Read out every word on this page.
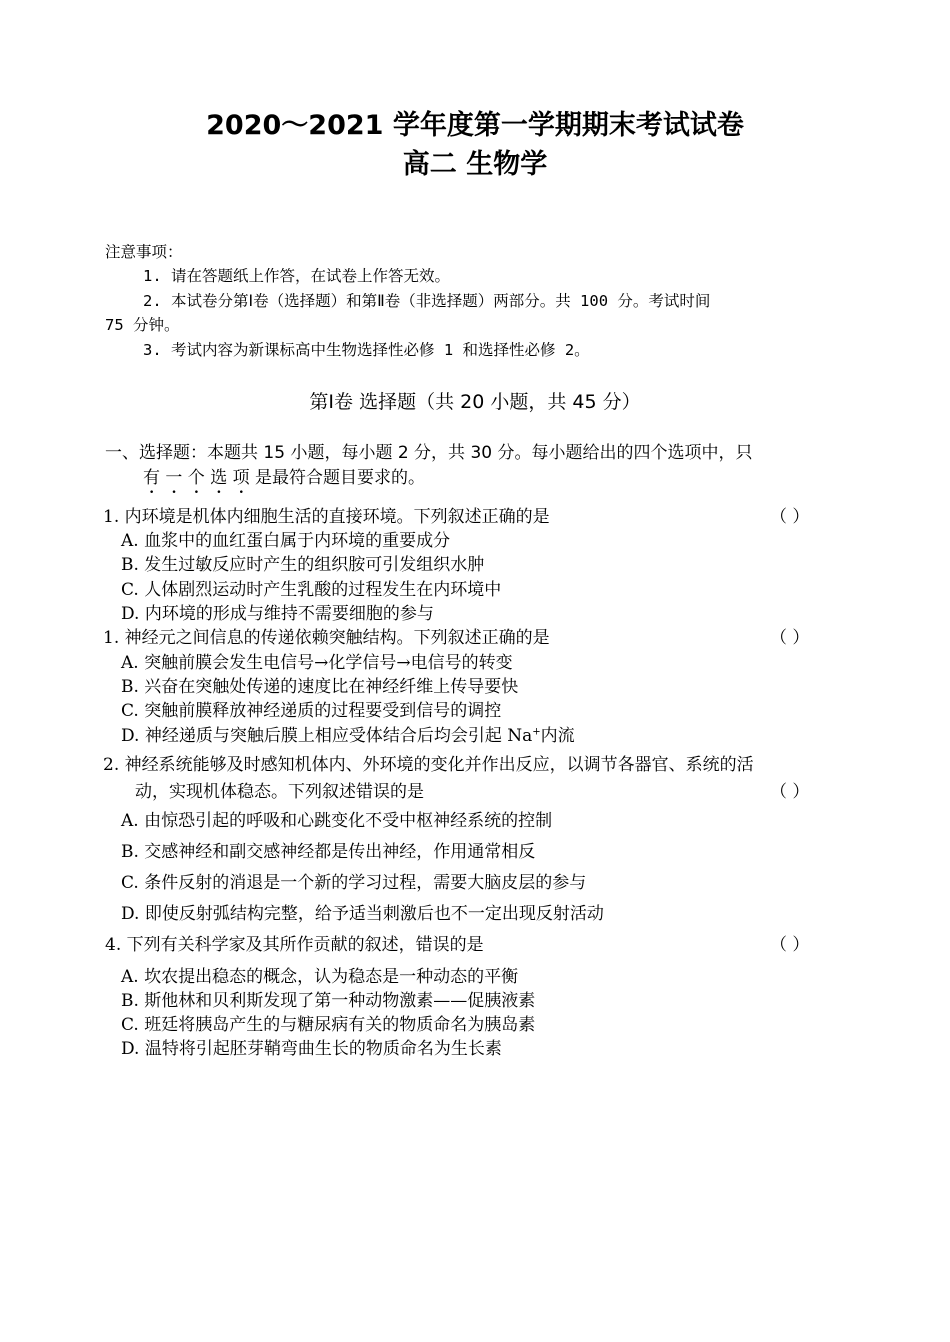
2020～2021 学年度第一学期期末考试试卷
高二 生物学
注意事项：
1. 请在答题纸上作答，在试卷上作答无效。
2. 本试卷分第Ⅰ卷（选择题）和第Ⅱ卷（非选择题）两部分。共 100 分。考试时间
75 分钟。
3. 考试内容为新课标高中生物选择性必修 1 和选择性必修 2。
第Ⅰ卷 选择题（共 20 小题，共 45 分）
一、选择题：本题共 15 小题，每小题 2 分，共 30 分。每小题给出的四个选项中，只
有 一 个 选 项 是最符合题目要求的。
1. 内环境是机体内细胞生活的直接环境。下列叙述正确的是	（ ）
A. 血浆中的血红蛋白属于内环境的重要成分
B. 发生过敏反应时产生的组织胺可引发组织水肿
C. 人体剧烈运动时产生乳酸的过程发生在内环境中
D. 内环境的形成与维持不需要细胞的参与
1. 神经元之间信息的传递依赖突触结构。下列叙述正确的是	（ ）
A. 突触前膜会发生电信号→化学信号→电信号的转变
B. 兴奋在突触处传递的速度比在神经纤维上传导要快
C. 突触前膜释放神经递质的过程要受到信号的调控
D. 神经递质与突触后膜上相应受体结合后均会引起 Na+内流
2. 神经系统能够及时感知机体内、外环境的变化并作出反应，以调节各器官、系统的活
动，实现机体稳态。下列叙述错误的是	（ ）
A. 由惊恐引起的呼吸和心跳变化不受中枢神经系统的控制
B. 交感神经和副交感神经都是传出神经，作用通常相反
C. 条件反射的消退是一个新的学习过程，需要大脑皮层的参与
D. 即使反射弧结构完整，给予适当刺激后也不一定出现反射活动
4. 下列有关科学家及其所作贡献的叙述，错误的是	（ ）
A. 坎农提出稳态的概念，认为稳态是一种动态的平衡
B. 斯他林和贝利斯发现了第一种动物激素——促胰液素
C. 班廷将胰岛产生的与糖尿病有关的物质命名为胰岛素
D. 温特将引起胚芽鞘弯曲生长的物质命名为生长素
